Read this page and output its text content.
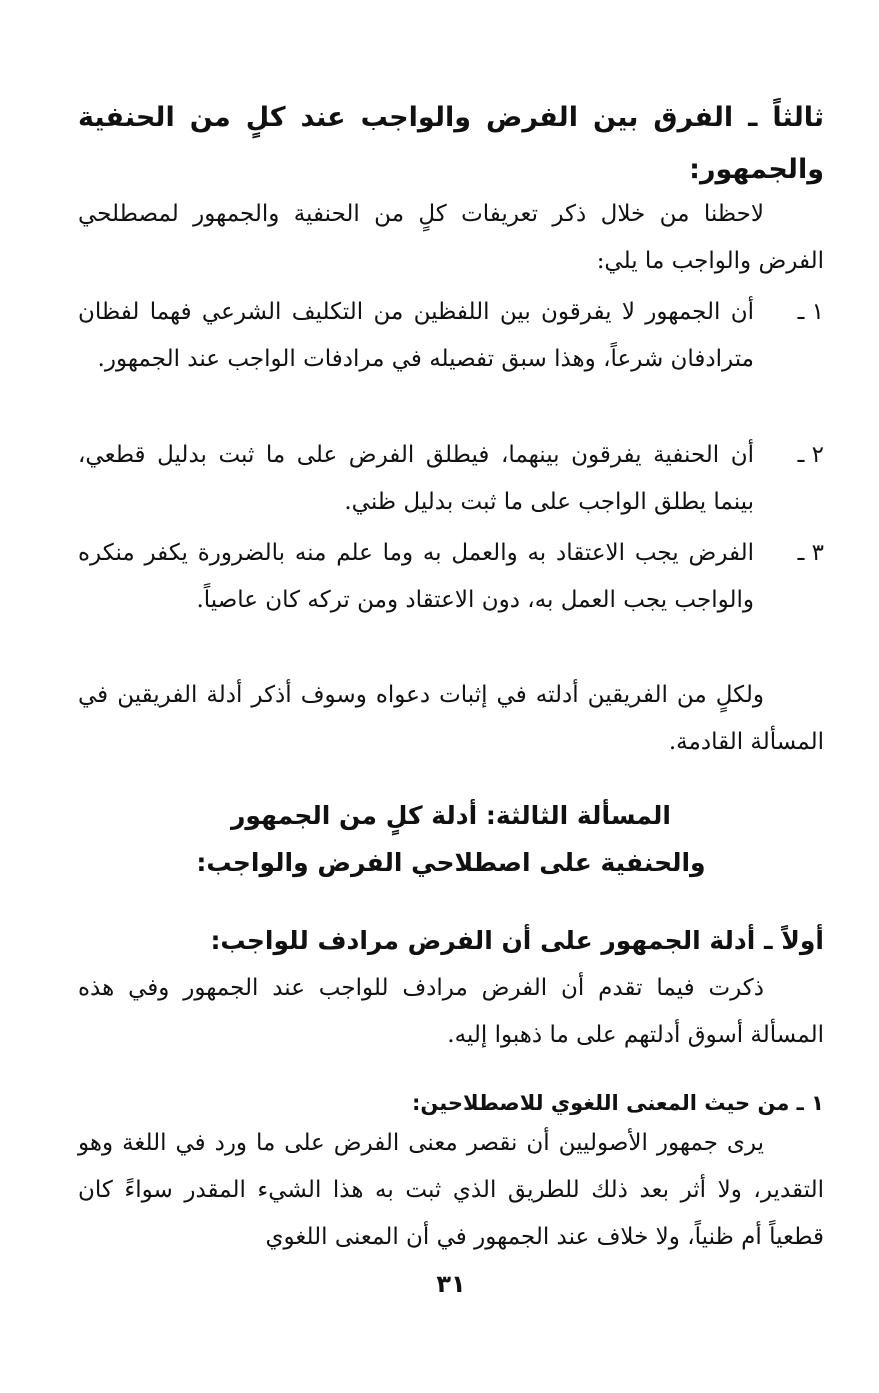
ثالثاً ـ الفرق بين الفرض والواجب عند كلٍ من الحنفية والجمهور:

لاحظنا من خلال ذكر تعريفات كلٍ من الحنفية والجمهور لمصطلحي الفرض والواجب ما يلي:

١ ـ

أن الجمهور لا يفرقون بين اللفظين من التكليف الشرعي فهما لفظان مترادفان شرعاً، وهذا سبق تفصيله في مرادفات الواجب عند الجمهور.

٢ ـ

أن الحنفية يفرقون بينهما، فيطلق الفرض على ما ثبت بدليل قطعي، بينما يطلق الواجب على ما ثبت بدليل ظني.

٣ ـ

الفرض يجب الاعتقاد به والعمل به وما علم منه بالضرورة يكفر منكره والواجب يجب العمل به، دون الاعتقاد ومن تركه كان عاصياً.

ولكلٍ من الفريقين أدلته في إثبات دعواه وسوف أذكر أدلة الفريقين في المسألة القادمة.

المسألة الثالثة: أدلة كلٍ من الجمهور
والحنفية على اصطلاحي الفرض والواجب:

أولاً ـ أدلة الجمهور على أن الفرض مرادف للواجب:

ذكرت فيما تقدم أن الفرض مرادف للواجب عند الجمهور وفي هذه المسألة أسوق أدلتهم على ما ذهبوا إليه.

١ ـ من حيث المعنى اللغوي للاصطلاحين:

يرى جمهور الأصوليين أن نقصر معنى الفرض على ما ورد في اللغة وهو التقدير، ولا أثر بعد ذلك للطريق الذي ثبت به هذا الشيء المقدر سواءً كان قطعياً أم ظنياً، ولا خلاف عند الجمهور في أن المعنى اللغوي

٣١
